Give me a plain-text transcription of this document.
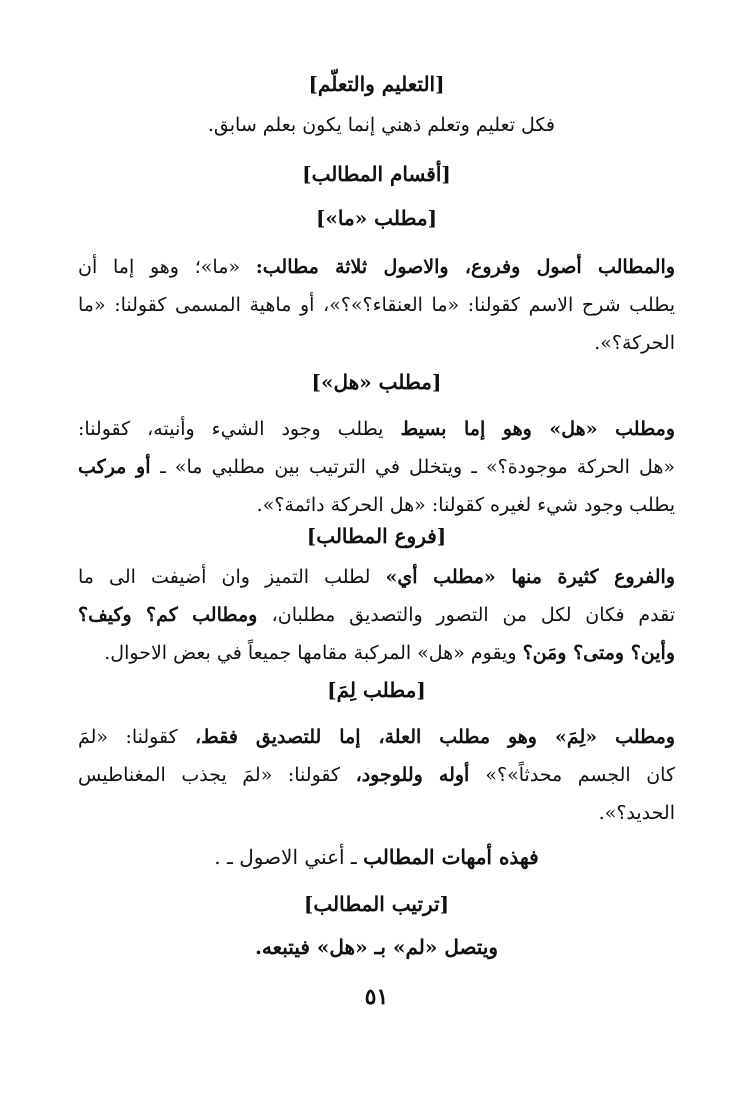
[التعليم والتعلّم]
فكل تعليم وتعلم ذهني إنما يكون بعلم سابق.
[أقسام المطالب]
[مطلب «ما»]
والمطالب أصول وفروع، والاصول ثلاثة مطالب: «ما»؛ وهو إما أن
يطلب شرح الاسم كقولنا: «ما العنقاء؟»؟»، أو ماهية المسمى كقولنا: «ما
الحركة؟».
[مطلب «هل»]
ومطلب «هل» وهو إما بسيط يطلب وجود الشيء وأنيته، كقولنا:
«هل الحركة موجودة؟» ـ ويتخلل في الترتيب بين مطلبي ما» ـ أو مركب
يطلب وجود شيء لغيره كقولنا: «هل الحركة دائمة؟».
[فروع المطالب]
والفروع كثيرة منها «مطلب أي» لطلب التميز وان أضيفت الى ما
تقدم فكان لكل من التصور والتصديق مطلبان، ومطالب كم؟ وكيف؟
وأين؟ ومتى؟ ومَن؟ ويقوم «هل» المركبة مقامها جميعاً في بعض الاحوال.
[مطلب لِمَ]
ومطلب «لِمَ» وهو مطلب العلة، إما للتصديق فقط، كقولنا: «لمَ
كان الجسم محدثاً»؟» أوله وللوجود، كقولنا: «لمَ يجذب المغناطيس
الحديد؟».
فهذه أمهات المطالب ـ أعني الاصول ـ .
[ترتيب المطالب]
ويتصل «لم» بـ «هل» فيتبعه.
٥١
